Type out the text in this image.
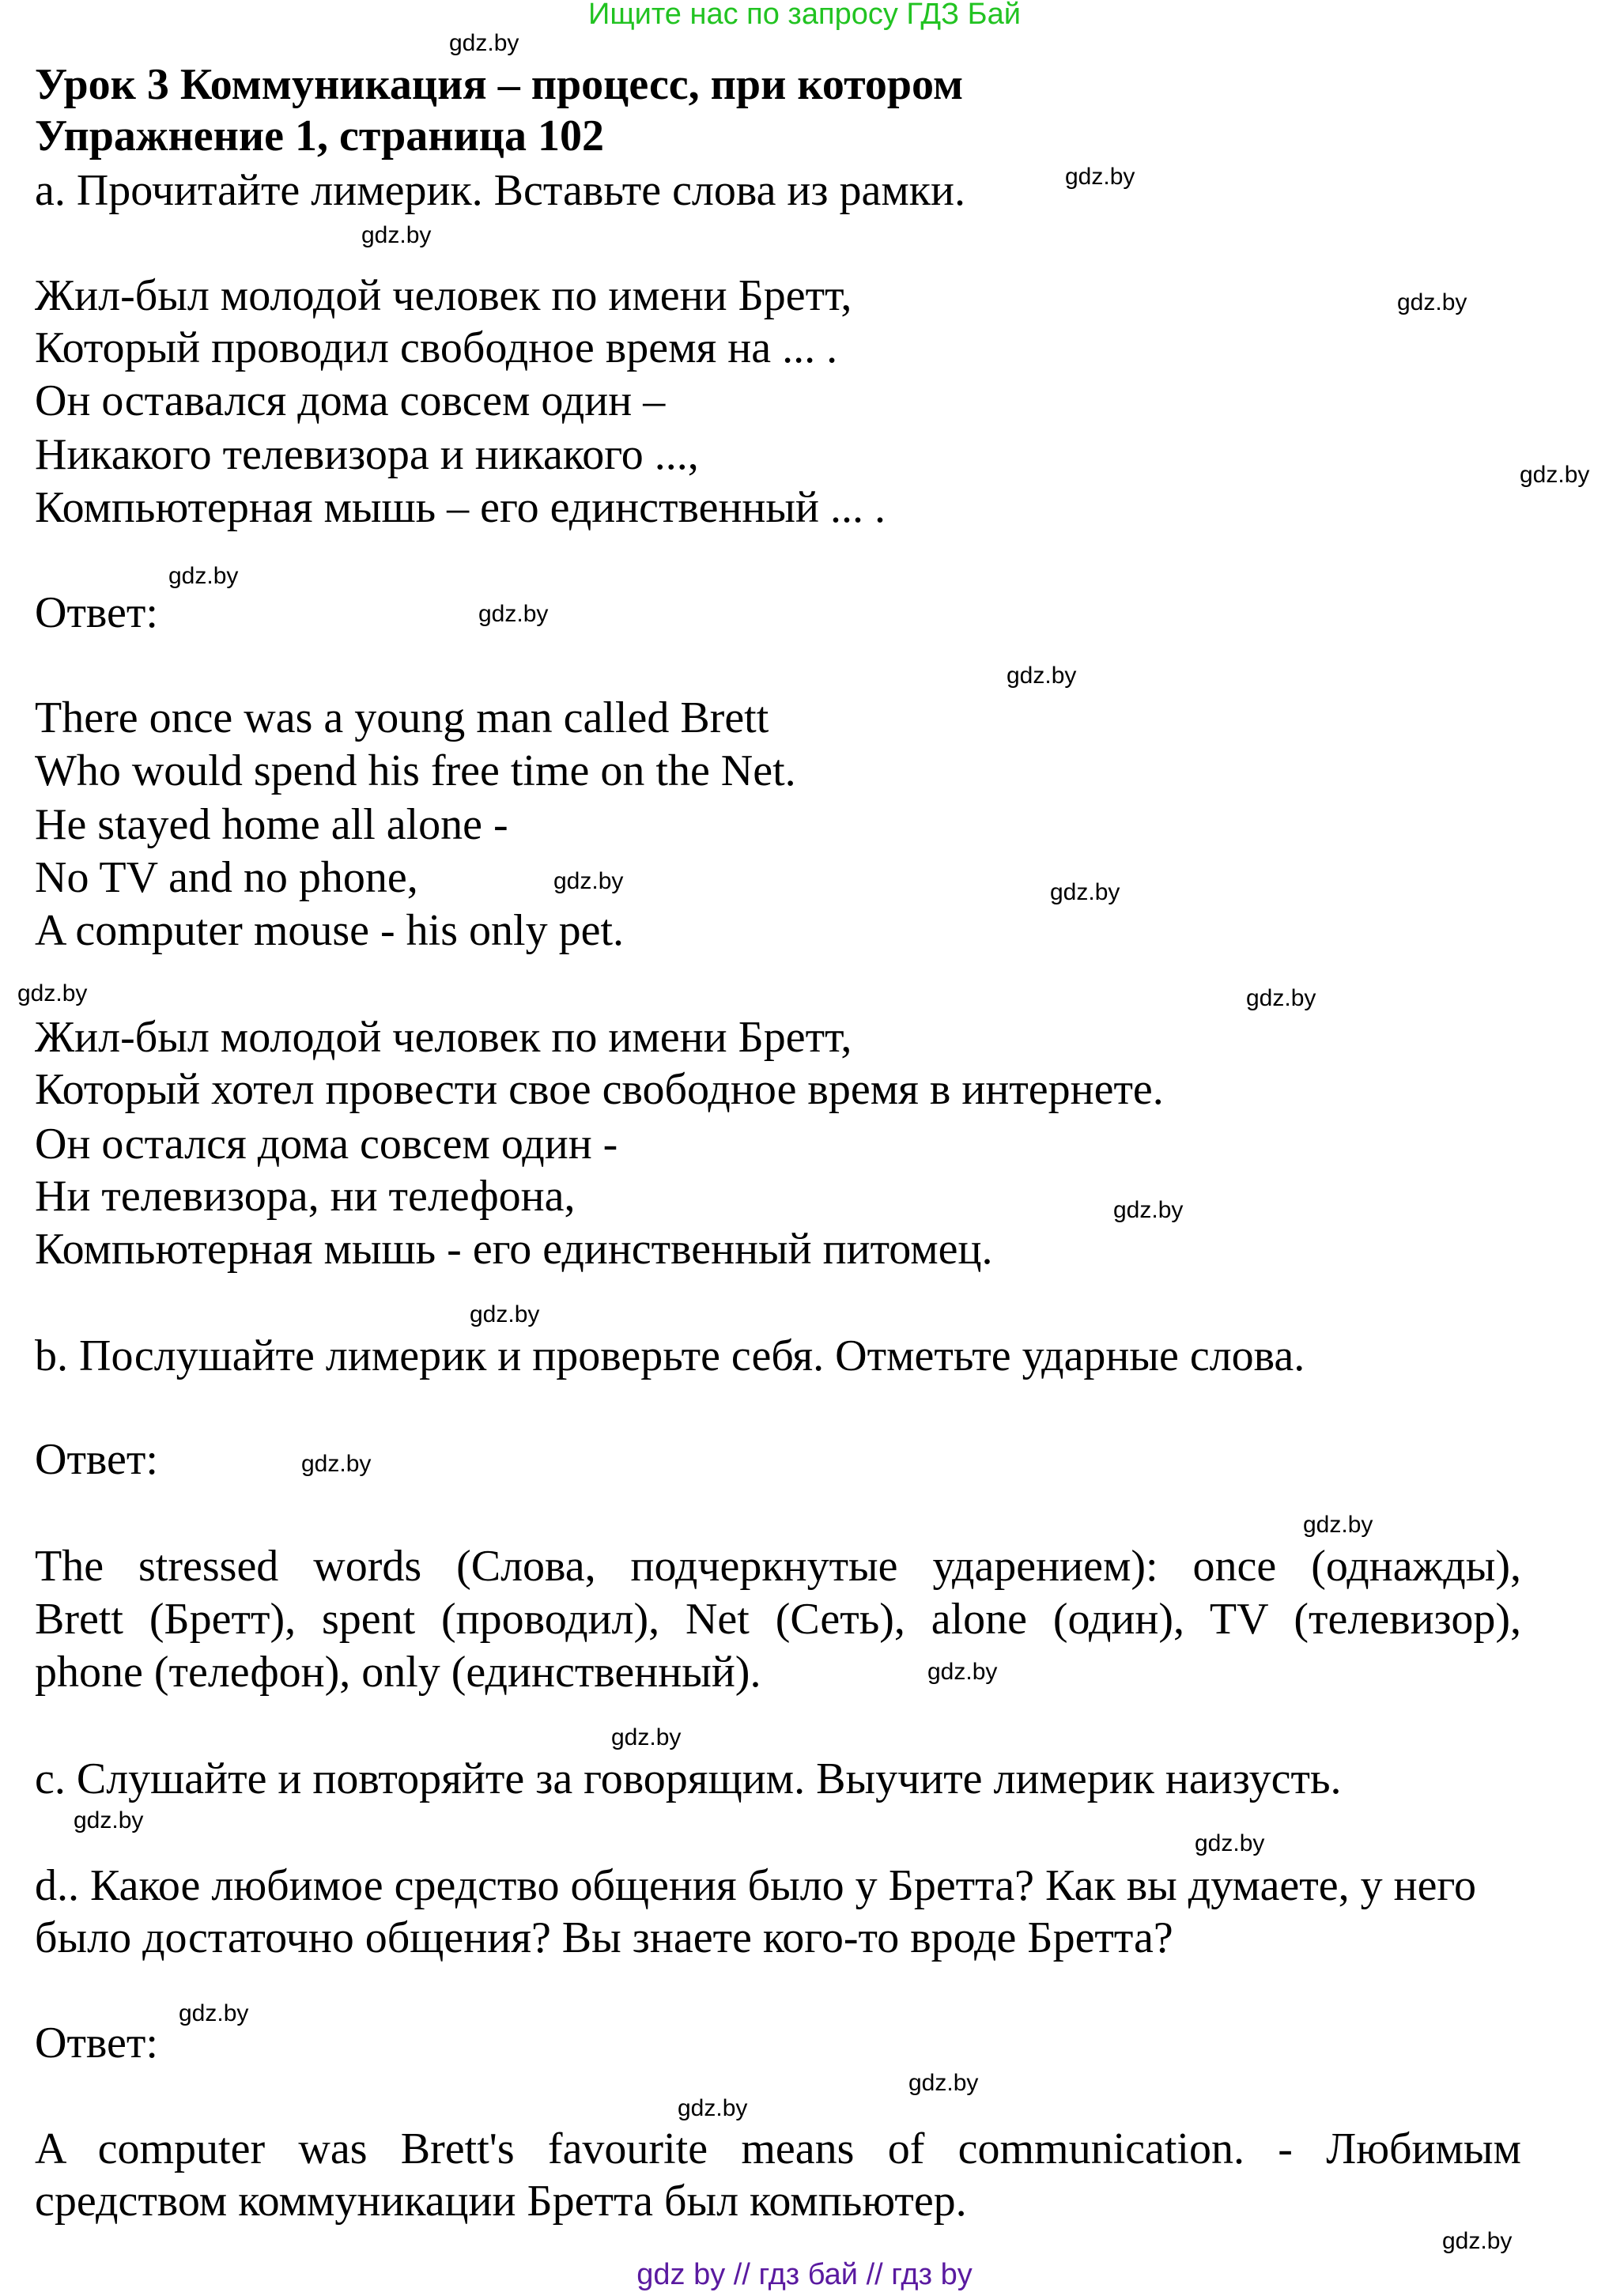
Ищите нас по запросу ГДЗ Бай
Урок 3 Коммуникация – процесс, при котором
Упражнение 1, страница 102
a. Прочитайте лимерик. Вставьте слова из рамки.
Жил-был молодой человек по имени Бретт,
Который проводил свободное время на ... .
Он оставался дома совсем один –
Никакого телевизора и никакого ...,
Компьютерная мышь – его единственный ... .
Ответ:
There once was a young man called Brett
Who would spend his free time on the Net.
He stayed home all alone -
No TV and no phone,
A computer mouse - his only pet.
Жил-был молодой человек по имени Бретт,
Который хотел провести свое свободное время в интернете.
Он остался дома совсем один -
Ни телевизора, ни телефона,
Компьютерная мышь - его единственный питомец.
b. Послушайте лимерик и проверьте себя. Отметьте ударные слова.
Ответ:
The stressed words (Слова, подчеркнутые ударением): once (однажды),
Brett (Бретт), spent (проводил), Net (Сеть), alone (один), TV (телевизор),
phone (телефон), only (единственный).
c. Слушайте и повторяйте за говорящим. Выучите лимерик наизусть.
d.. Какое любимое средство общения было у Бретта? Как вы думаете, у него
было достаточно общения? Вы знаете кого-то вроде Бретта?
Ответ:
A computer was Brett's favourite means of communication. - Любимым
средством коммуникации Бретта был компьютер.
gdz by // гдз бай // гдз by
gdz.by
gdz.by
gdz.by
gdz.by
gdz.by
gdz.by
gdz.by
gdz.by
gdz.by	gdz.by
gdz.by	gdz.by
gdz.by
gdz.by
gdz.by
gdz.by
gdz.by
gdz.by
gdz.by
gdz.by
gdz.by
gdz.by
gdz.by
gdz.by
